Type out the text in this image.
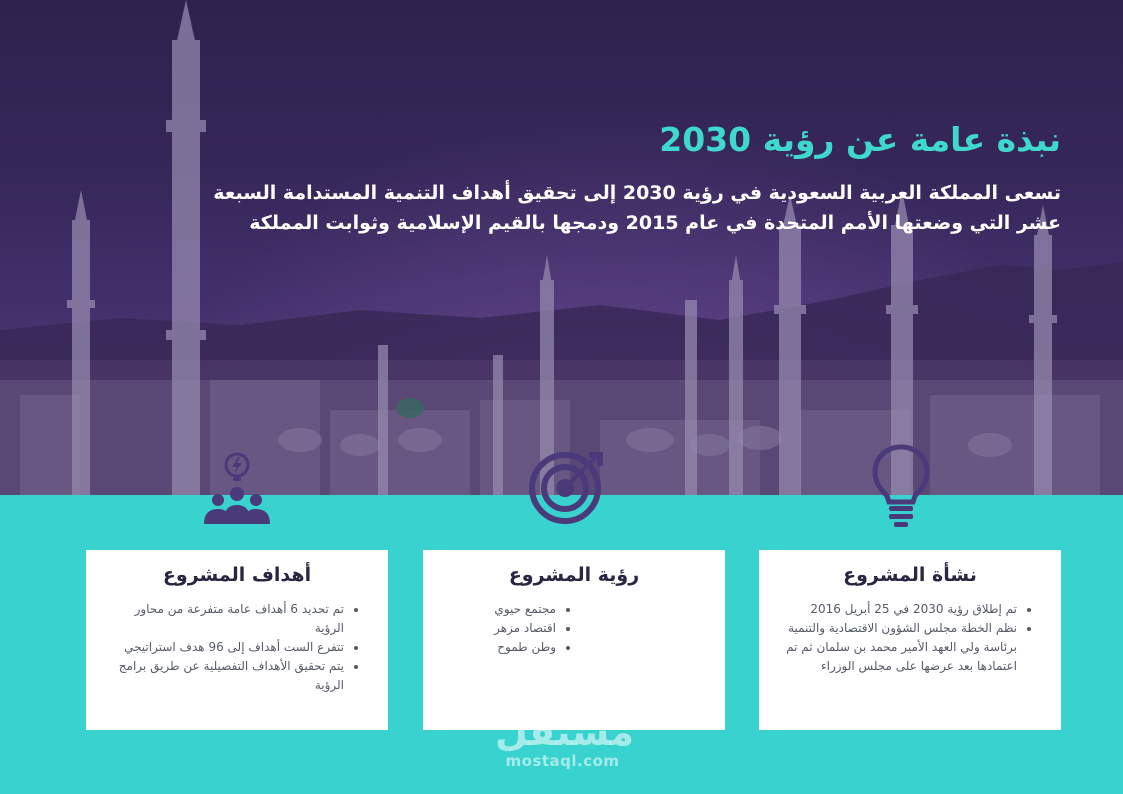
نبذة عامة عن رؤية 2030

تسعى المملكة العربية السعودية في رؤية 2030 إلى تحقيق أهداف التنمية المستدامة السبعة عشر التي وضعتها الأمم المتحدة في عام 2015 ودمجها بالقيم الإسلامية وثوابت المملكة

أهداف المشروع
• تم تحديد 6 أهداف عامة متفرعة من محاور الرؤية
• تتفرع الست أهداف إلى 96 هدف استراتيجي
• يتم تحقيق الأهداف التفصيلية عن طريق برامج الرؤية
رؤية المشروع
• مجتمع حيوي
• اقتصاد مزهر
• وطن طموح
نشأة المشروع
• تم إطلاق رؤية 2030 في 25 أبريل 2016
• نظم الخطة مجلس الشؤون الاقتصادية والتنمية برئاسة ولي العهد الأمير محمد بن سلمان ثم تم اعتمادها بعد عرضها على مجلس الوزراء
مستقل
mostaql.com
